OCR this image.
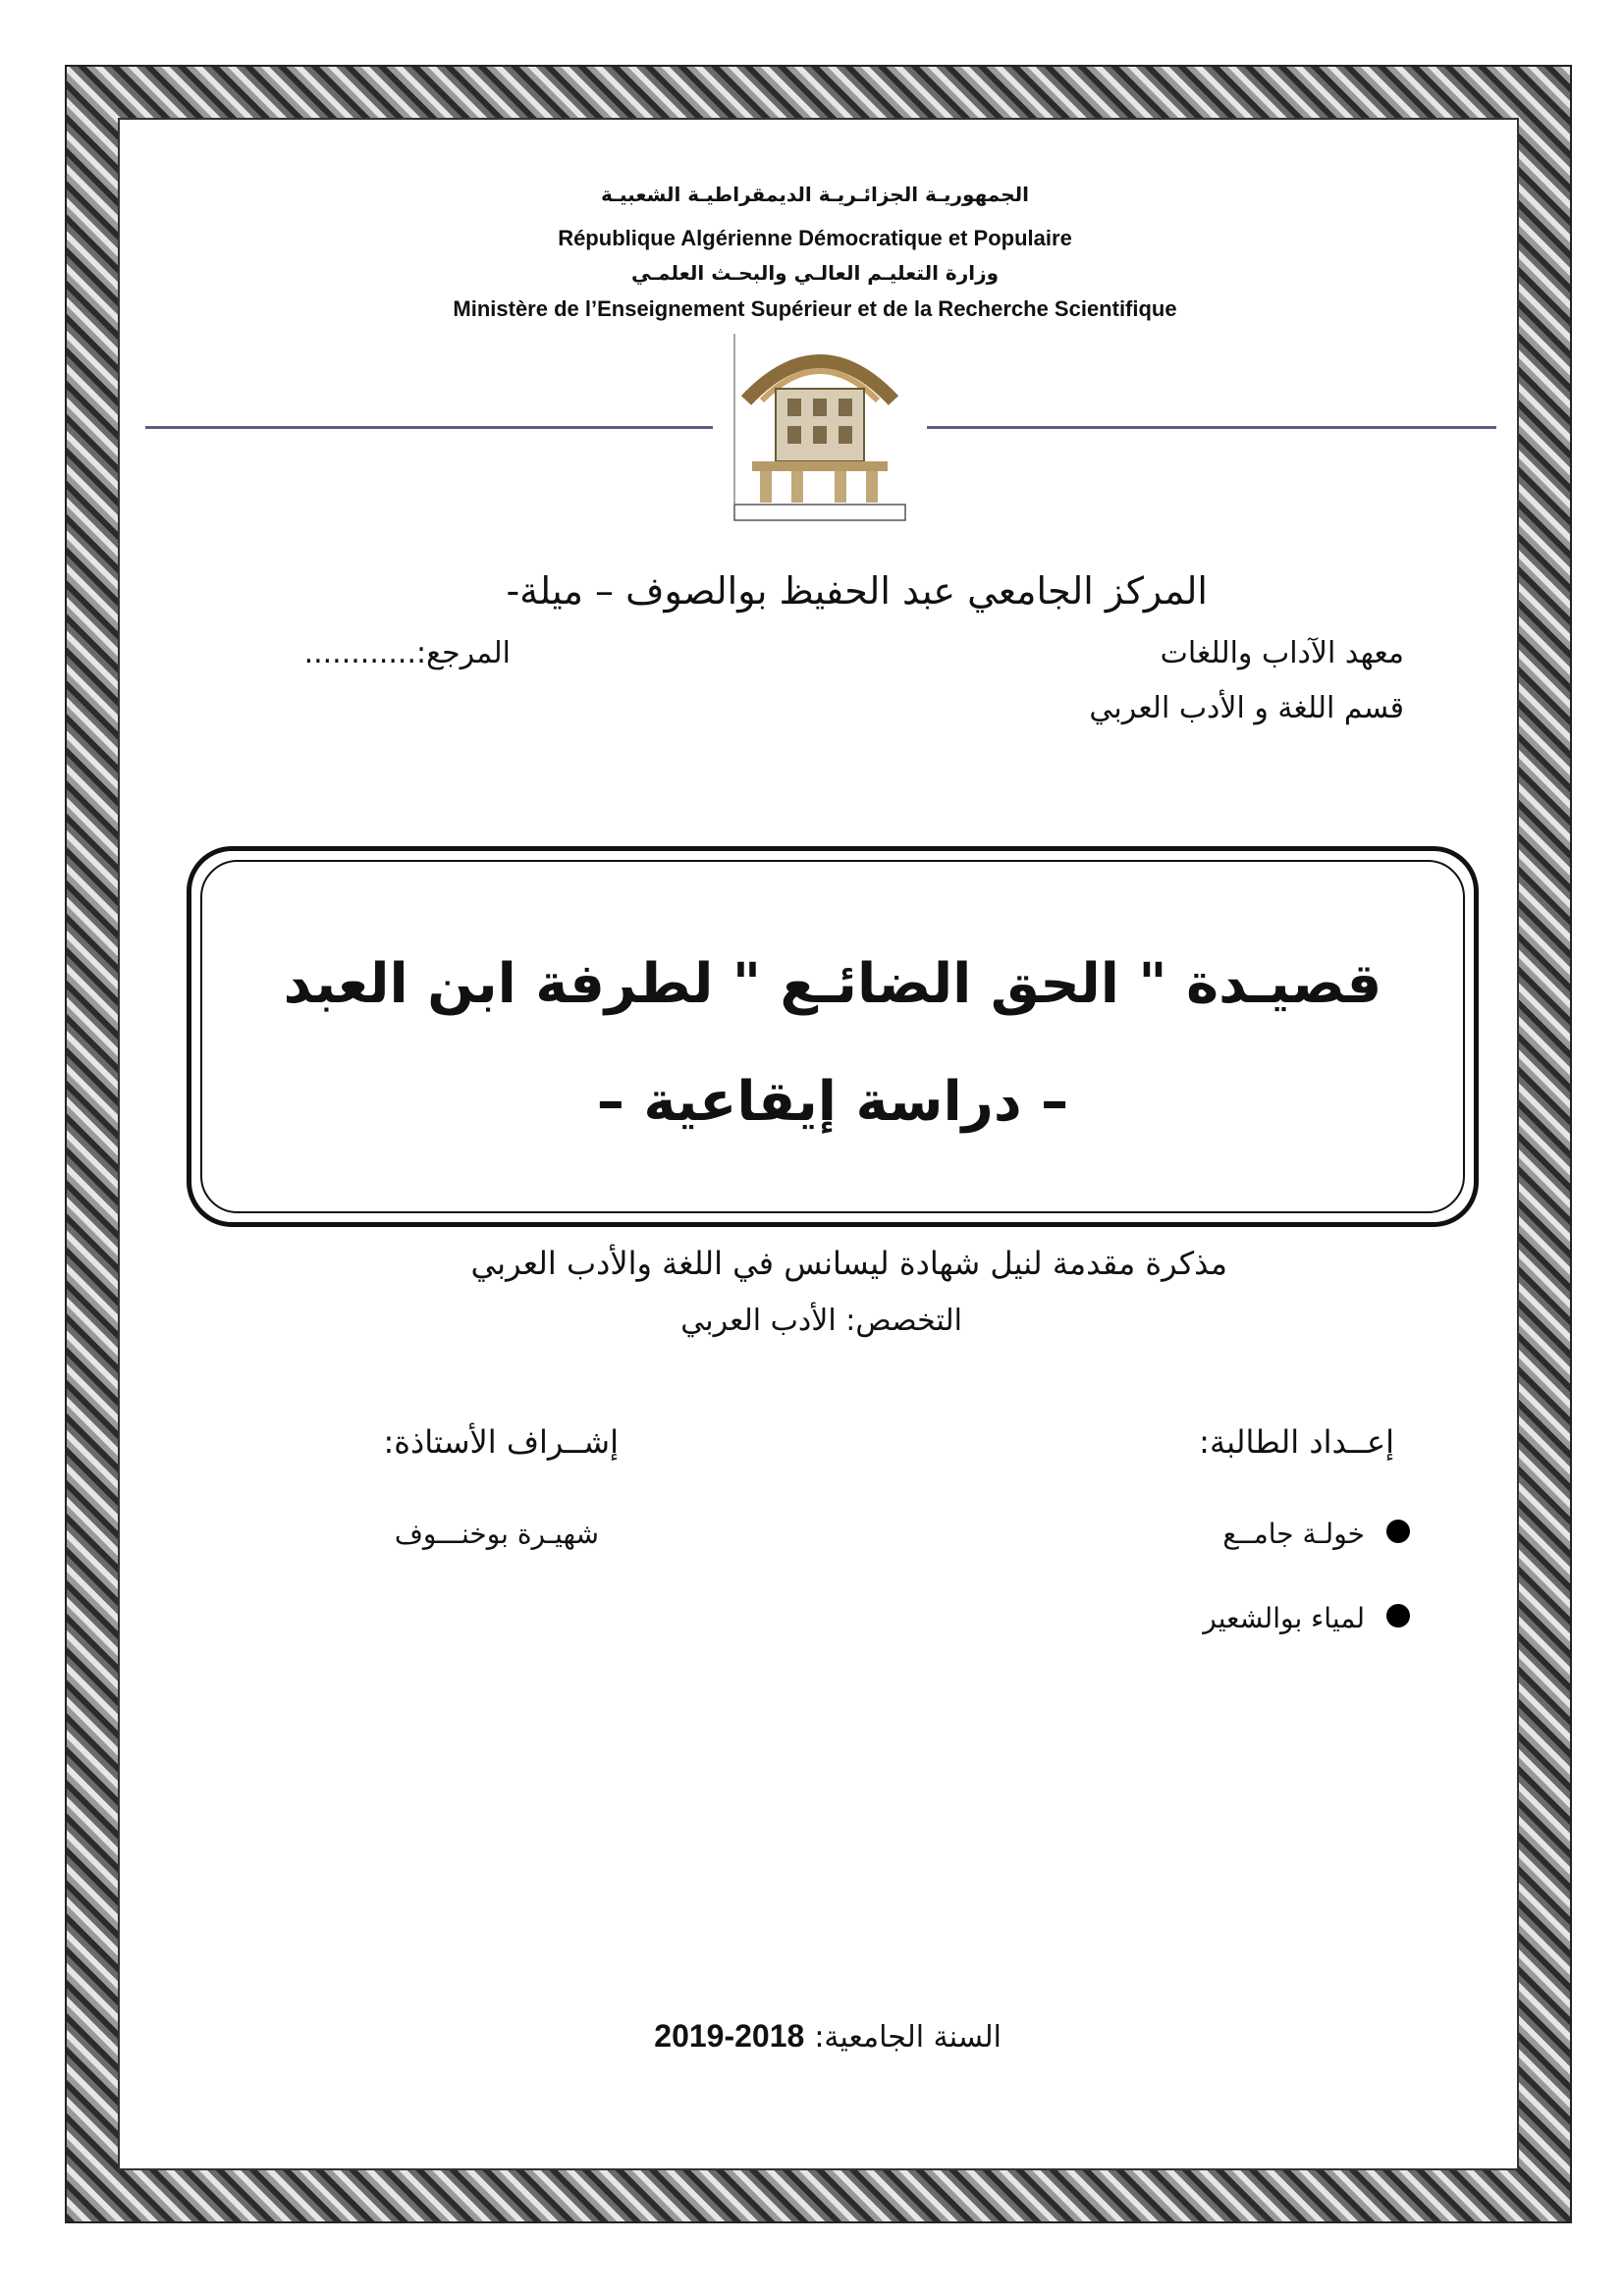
الجمهوريـة الجزائـريـة الديمقراطيـة الشعبيـة
République Algérienne Démocratique et Populaire
وزارة التعليـم العالـي والبحـث العلمـي
Ministère de l’Enseignement Supérieur et de la Recherche Scientifique
المركز الجامعي عبد الحفيظ بوالصوف – ميلة-
معهد الآداب واللغات
المرجع:............
قسم اللغة و الأدب العربي
قصيـدة " الحق الضائـع " لطرفة ابن العبد
– دراسة إيقاعية –
مذكرة مقدمة لنيل شهادة ليسانس في اللغة والأدب العربي
التخصص: الأدب العربي
إعــداد الطالبة:
إشــراف الأستاذة:
خولـة جامــع
شهيـرة بوخنـــوف
لمياء بوالشعير
السنة الجامعية:
2019-2018
